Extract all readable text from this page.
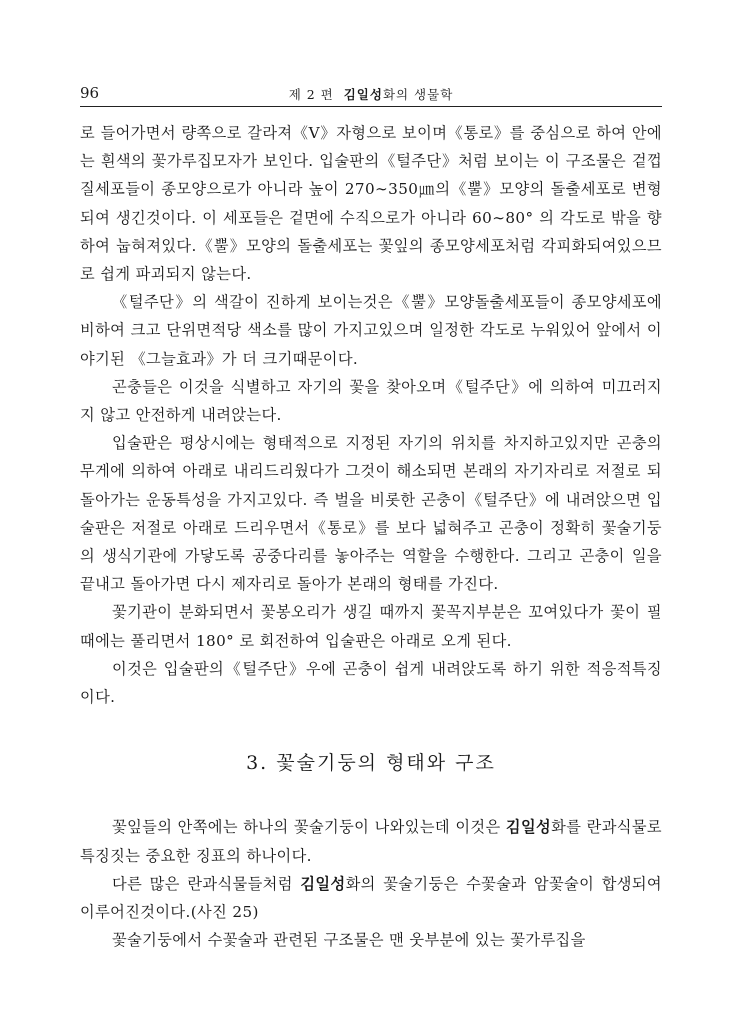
96	제 2 편 김일성화의 생물학

로 들어가면서 량쪽으로 갈라져《V》자형으로 보이며《통로》를 중심으로 하여 안에는 흰색의 꽃가루집모자가 보인다. 입술판의《털주단》처럼 보이는 이 구조물은 겉껍질세포들이 종모양으로가 아니라 높이 270∼350㎛의《뿔》모양의 돌출세포로 변형되여 생긴것이다. 이 세포들은 겉면에 수직으로가 아니라 60∼80° 의 각도로 밖을 향하여 눕혀져있다.《뿔》모양의 돌출세포는 꽃잎의 종모양세포처럼 각피화되여있으므로 쉽게 파괴되지 않는다.

《털주단》의 색갈이 진하게 보이는것은《뿔》모양돌출세포들이 종모양세포에 비하여 크고 단위면적당 색소를 많이 가지고있으며 일정한 각도로 누워있어 앞에서 이야기된 《그늘효과》가 더 크기때문이다.

곤충들은 이것을 식별하고 자기의 꽃을 찾아오며《털주단》에 의하여 미끄러지지 않고 안전하게 내려앉는다.

입술판은 평상시에는 형태적으로 지정된 자기의 위치를 차지하고있지만 곤충의 무게에 의하여 아래로 내리드리웠다가 그것이 해소되면 본래의 자기자리로 저절로 되돌아가는 운동특성을 가지고있다. 즉 벌을 비롯한 곤충이《털주단》에 내려앉으면 입술판은 저절로 아래로 드리우면서《통로》를 보다 넓혀주고 곤충이 정확히 꽃술기둥의 생식기관에 가닿도록 공중다리를 놓아주는 역할을 수행한다. 그리고 곤충이 일을 끝내고 돌아가면 다시 제자리로 돌아가 본래의 형태를 가진다.

꽃기관이 분화되면서 꽃봉오리가 생길 때까지 꽃꼭지부분은 꼬여있다가 꽃이 필 때에는 풀리면서 180° 로 회전하여 입술판은 아래로 오게 된다.

이것은 입술판의《털주단》우에 곤충이 쉽게 내려앉도록 하기 위한 적응적특징이다.

3. 꽃술기둥의 형태와 구조

꽃잎들의 안쪽에는 하나의 꽃술기둥이 나와있는데 이것은 김일성화를 란과식물로 특징짓는 중요한 징표의 하나이다.

다른 많은 란과식물들처럼 김일성화의 꽃술기둥은 수꽃술과 암꽃술이 합생되여 이루어진것이다.(사진 25)

꽃술기둥에서 수꽃술과 관련된 구조물은 맨 웃부분에 있는 꽃가루집을
